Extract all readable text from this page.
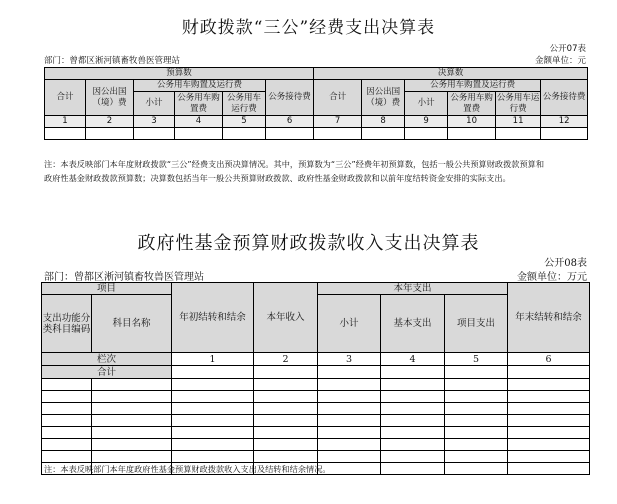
财政拨款“三公”经费支出决算表
公开07表
部门：曾都区淅河镇畜牧兽医管理站	金额单位：元
预算数						决算数					
合计	因公出国（境）费	公务用车购置及运行费			公务接待费	合计	因公出国（境）费	公务用车购置及运行费			公务接待费
		小计	公务用车购置费	公务用车运行费				小计	公务用车购置费	公务用车运行费	
1	2	3	4	5	6	7	8	9	10	11	12

注：本表反映部门本年度财政拨款“三公”经费支出预决算情况。其中，预算数为“三公”经费年初预算数，包括一般公共预算财政拨款预算和
政府性基金财政拨款预算数；决算数包括当年一般公共预算财政拨款、政府性基金财政拨款和以前年度结转资金安排的实际支出。
政府性基金预算财政拨款收入支出决算表
公开08表
部门：曾都区淅河镇畜牧兽医管理站	金额单位：万元
项目		年初结转和结余	本年收入	本年支出			年末结转和结余
支出功能分类科目编码	科目名称			小计	基本支出	项目支出	

栏次		1	2	3	4	5	6
合计							

注：本表反映部门本年度政府性基金预算财政拨款收入支出及结转和结余情况。
